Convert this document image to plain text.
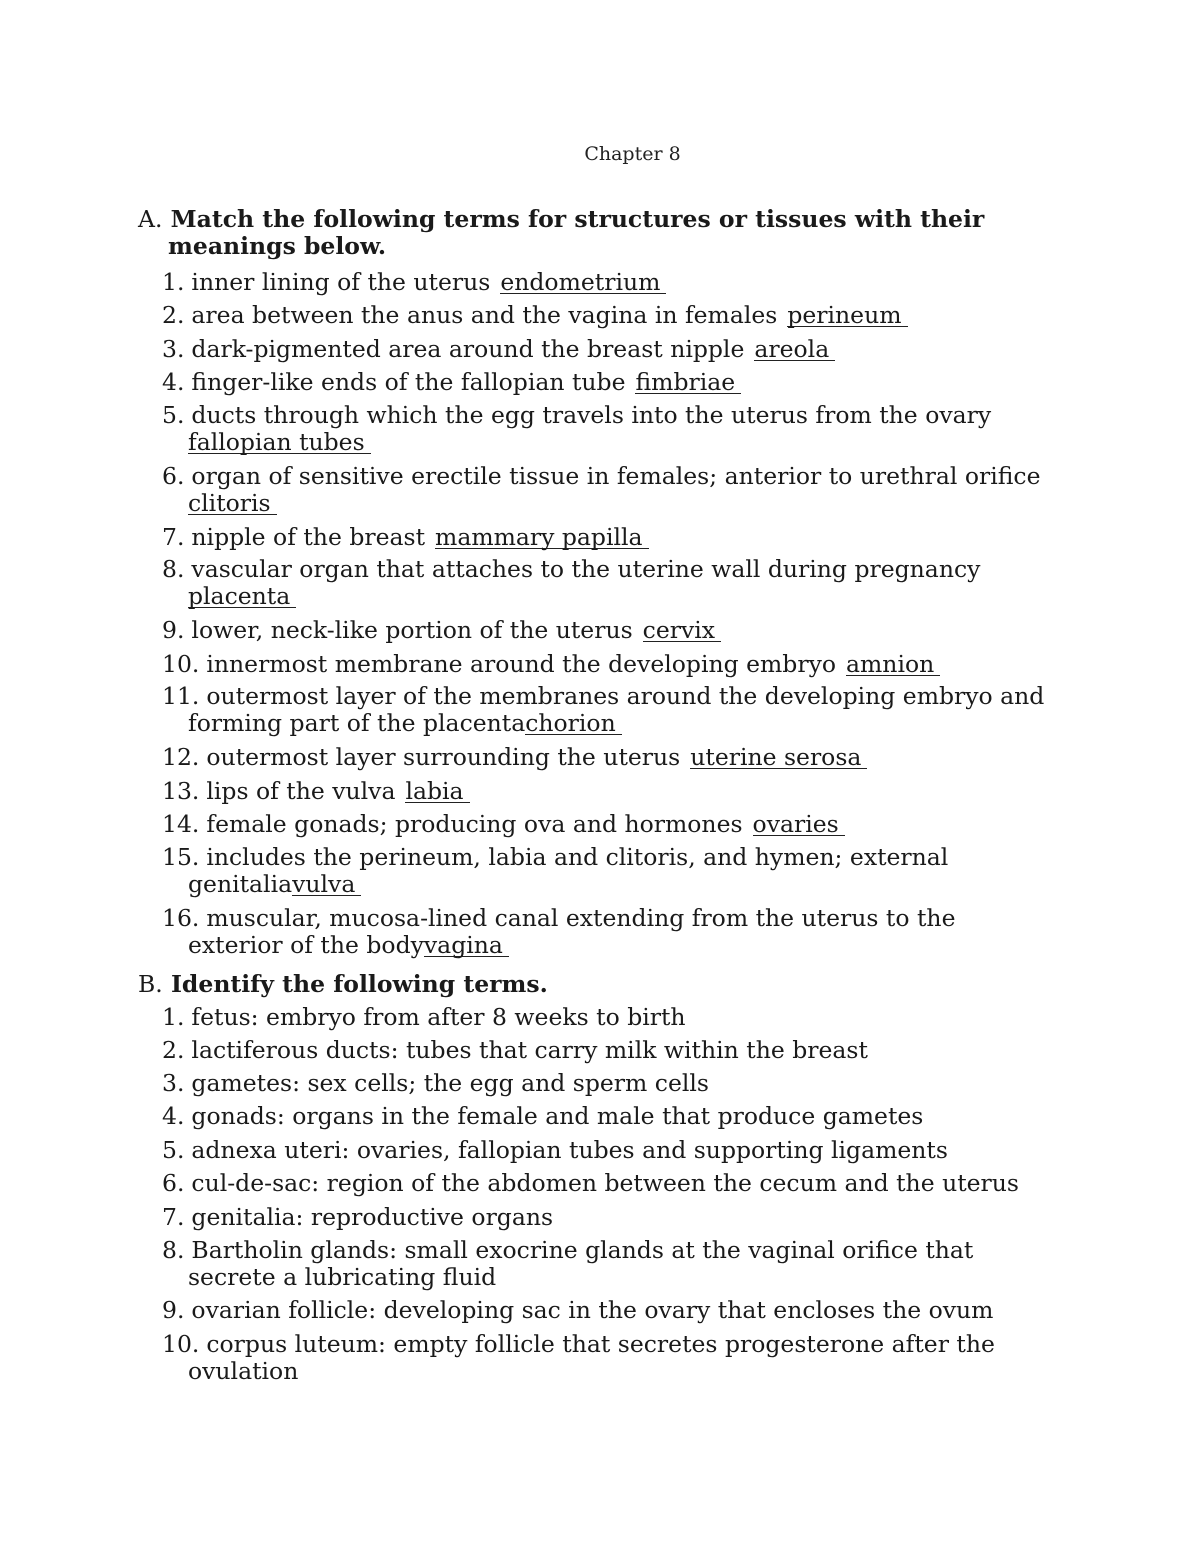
Chapter 8
A. Match the following terms for structures or tissues with their
meanings below.
1. inner lining of the uterus endometrium
2. area between the anus and the vagina in females perineum
3. dark-pigmented area around the breast nipple areola
4. finger-like ends of the fallopian tube fimbriae
5. ducts through which the egg travels into the uterus from the ovary
fallopian tubes
6. organ of sensitive erectile tissue in females; anterior to urethral orifice
clitoris
7. nipple of the breast mammary papilla
8. vascular organ that attaches to the uterine wall during pregnancy
placenta
9. lower, neck-like portion of the uterus cervix
10. innermost membrane around the developing embryo amnion
11. outermost layer of the membranes around the developing embryo and
forming part of the placentachorion
12. outermost layer surrounding the uterus uterine serosa
13. lips of the vulva labia
14. female gonads; producing ova and hormones ovaries
15. includes the perineum, labia and clitoris, and hymen; external
genitaliavulva
16. muscular, mucosa-lined canal extending from the uterus to the
exterior of the bodyvagina
B. Identify the following terms.
1. fetus: embryo from after 8 weeks to birth
2. lactiferous ducts: tubes that carry milk within the breast
3. gametes: sex cells; the egg and sperm cells
4. gonads: organs in the female and male that produce gametes
5. adnexa uteri: ovaries, fallopian tubes and supporting ligaments
6. cul-de-sac: region of the abdomen between the cecum and the uterus
7. genitalia: reproductive organs
8. Bartholin glands: small exocrine glands at the vaginal orifice that
secrete a lubricating fluid
9. ovarian follicle: developing sac in the ovary that encloses the ovum
10. corpus luteum: empty follicle that secretes progesterone after the
ovulation
